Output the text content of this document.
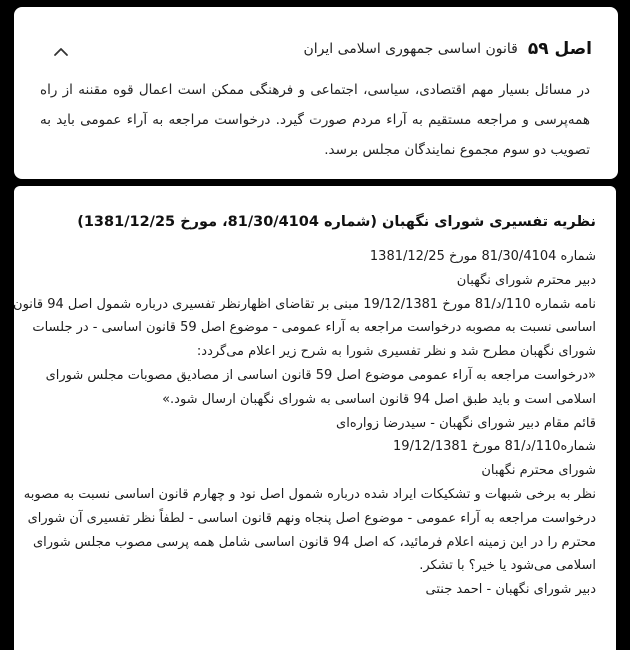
اصل ۵۹
قانون اساسی جمهوری اسلامی ایران

در مسائل بسیار مهم اقتصادی، سیاسی، اجتماعی و فرهنگی ممکن است اعمال قوه مقننه از راه همه‌پرسی و مراجعه مستقیم به آراء مردم صورت گیرد. درخواست مراجعه به آراء عمومی باید به تصویب دو سوم مجموع نمایندگان مجلس برسد.

نظریه تفسیری شورای نگهبان (شماره 81/30/4104، مورخ 1381/12/25)
شماره 81/30/4104 مورخ 1381/12/25
دبیر محترم شورای نگهبان
نامه شماره 110/د/81 مورخ 19/12/1381 مبنی بر تقاضای اظهارنظر تفسیری درباره شمول اصل 94 قانون
اساسی نسبت به مصوبه درخواست مراجعه به آراء عمومی - موضوع اصل 59 قانون اساسی - در جلسات
شورای نگهبان مطرح شد و نظر تفسیری شورا به شرح زیر اعلام می‌گردد:
«درخواست مراجعه به آراء عمومی موضوع اصل 59 قانون اساسی از مصادیق مصوبات مجلس شورای
اسلامی است و باید طبق اصل 94 قانون اساسی به شورای نگهبان ارسال شود.»
قائم مقام دبیر شورای نگهبان - سیدرضا زواره‌ای
شماره110/د/81 مورخ 19/12/1381
شورای محترم نگهبان
نظر به برخی شبهات و تشکیکات ایراد شده درباره شمول اصل نود و چهارم قانون اساسی نسبت به مصوبه
درخواست مراجعه به آراء عمومی - موضوع اصل پنجاه ونهم قانون اساسی - لطفاً نظر تفسیری آن شورای
محترم را در این زمینه اعلام فرمائید، که اصل 94 قانون اساسی شامل همه پرسی مصوب مجلس شورای
اسلامی می‌شود یا خیر؟ با تشکر.
دبیر شورای نگهبان - احمد جنتی
